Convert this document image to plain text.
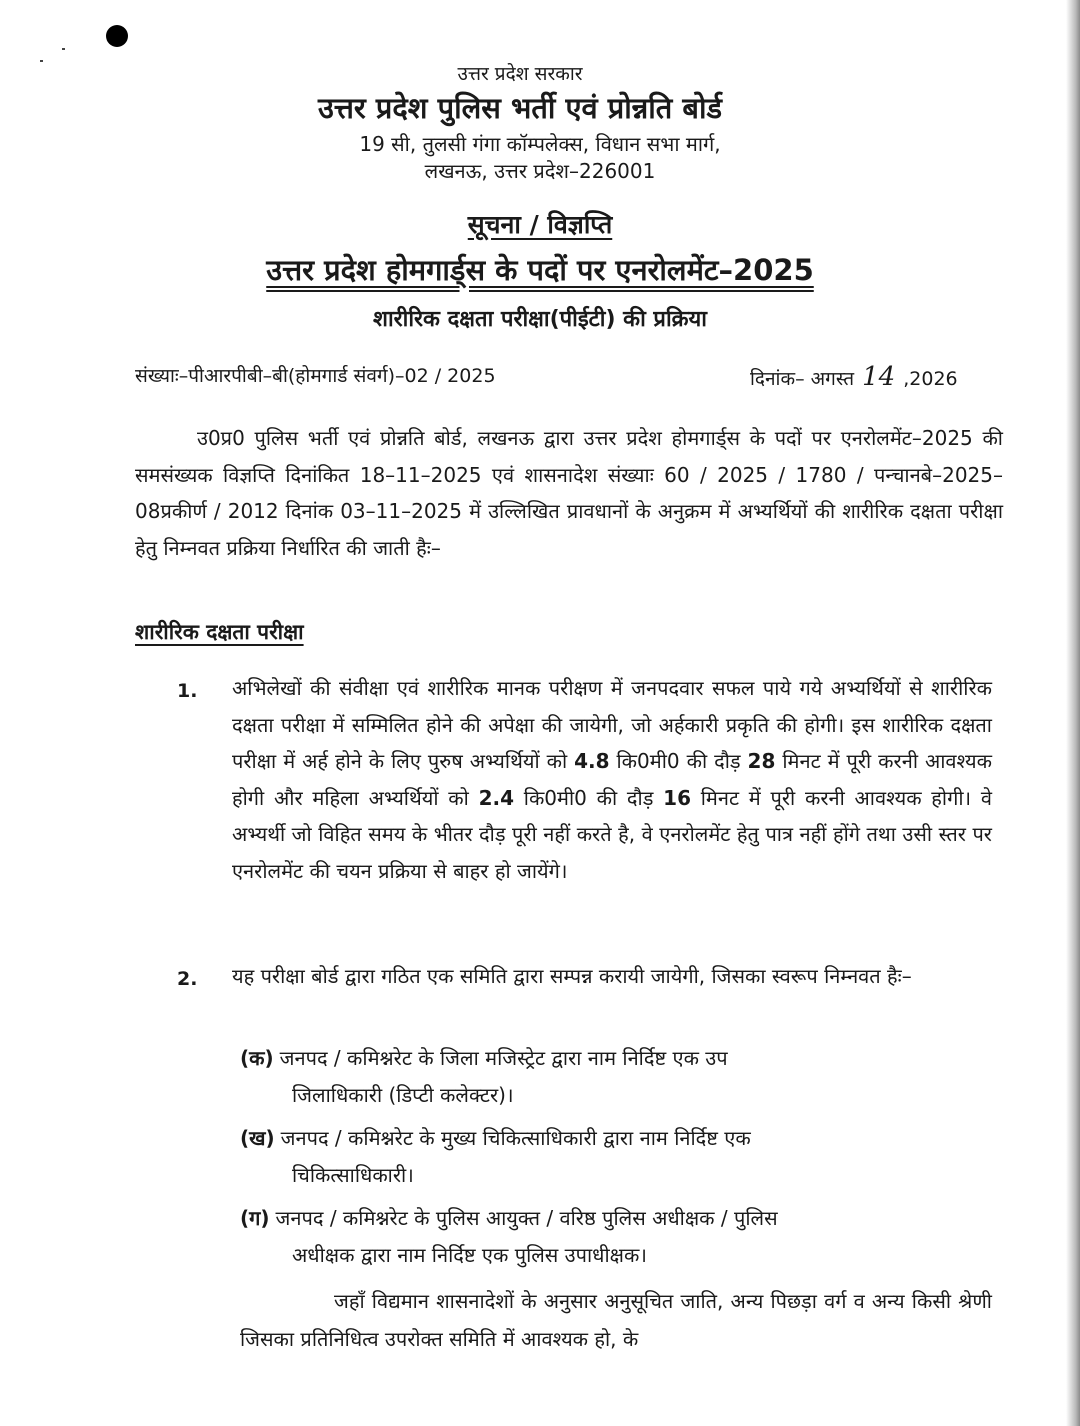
उत्तर प्रदेश सरकार
उत्तर प्रदेश पुलिस भर्ती एवं प्रोन्नति बोर्ड
19 सी, तुलसी गंगा कॉम्पलेक्स, विधान सभा मार्ग,
लखनऊ, उत्तर प्रदेश–226001
सूचना / विज्ञप्ति
उत्तर प्रदेश होमगार्ड्स के पदों पर एनरोलमेंट–2025
शारीरिक दक्षता परीक्षा(पीईटी) की प्रक्रिया
संख्याः–पीआरपीबी–बी(होमगार्ड संवर्ग)–02 / 2025	दिनांक– अगस्त 14 ,2026
उ0प्र0 पुलिस भर्ती एवं प्रोन्नति बोर्ड, लखनऊ द्वारा उत्तर प्रदेश होमगार्ड्स के पदों पर एनरोलमेंट–2025 की समसंख्यक विज्ञप्ति दिनांकित 18–11–2025 एवं शासनादेश संख्याः 60 / 2025 / 1780 / पन्चानबे–2025–08प्रकीर्ण / 2012 दिनांक 03–11–2025 में उल्लिखित प्रावधानों के अनुक्रम में अभ्यर्थियों की शारीरिक दक्षता परीक्षा हेतु निम्नवत प्रक्रिया निर्धारित की जाती हैः–
शारीरिक दक्षता परीक्षा
1. अभिलेखों की संवीक्षा एवं शारीरिक मानक परीक्षण में जनपदवार सफल पाये गये अभ्यर्थियों से शारीरिक दक्षता परीक्षा में सम्मिलित होने की अपेक्षा की जायेगी, जो अर्हकारी प्रकृति की होगी। इस शारीरिक दक्षता परीक्षा में अर्ह होने के लिए पुरुष अभ्यर्थियों को 4.8 कि0मी0 की दौड़ 28 मिनट में पूरी करनी आवश्यक होगी और महिला अभ्यर्थियों को 2.4 कि0मी0 की दौड़ 16 मिनट में पूरी करनी आवश्यक होगी। वे अभ्यर्थी जो विहित समय के भीतर दौड़ पूरी नहीं करते है, वे एनरोलमेंट हेतु पात्र नहीं होंगे तथा उसी स्तर पर एनरोलमेंट की चयन प्रक्रिया से बाहर हो जायेंगे।
2. यह परीक्षा बोर्ड द्वारा गठित एक समिति द्वारा सम्पन्न करायी जायेगी, जिसका स्वरूप निम्नवत हैः–
(क) जनपद / कमिश्नरेट के जिला मजिस्ट्रेट द्वारा नाम निर्दिष्ट एक उप
जिलाधिकारी (डिप्टी कलेक्टर)।
(ख) जनपद / कमिश्नरेट के मुख्य चिकित्साधिकारी द्वारा नाम निर्दिष्ट एक
चिकित्साधिकारी।
(ग) जनपद / कमिश्नरेट के पुलिस आयुक्त / वरिष्ठ पुलिस अधीक्षक / पुलिस
अधीक्षक द्वारा नाम निर्दिष्ट एक पुलिस उपाधीक्षक।
जहाँ विद्यमान शासनादेशों के अनुसार अनुसूचित जाति, अन्य पिछड़ा वर्ग व अन्य किसी श्रेणी जिसका प्रतिनिधित्व उपरोक्त समिति में आवश्यक हो, के
